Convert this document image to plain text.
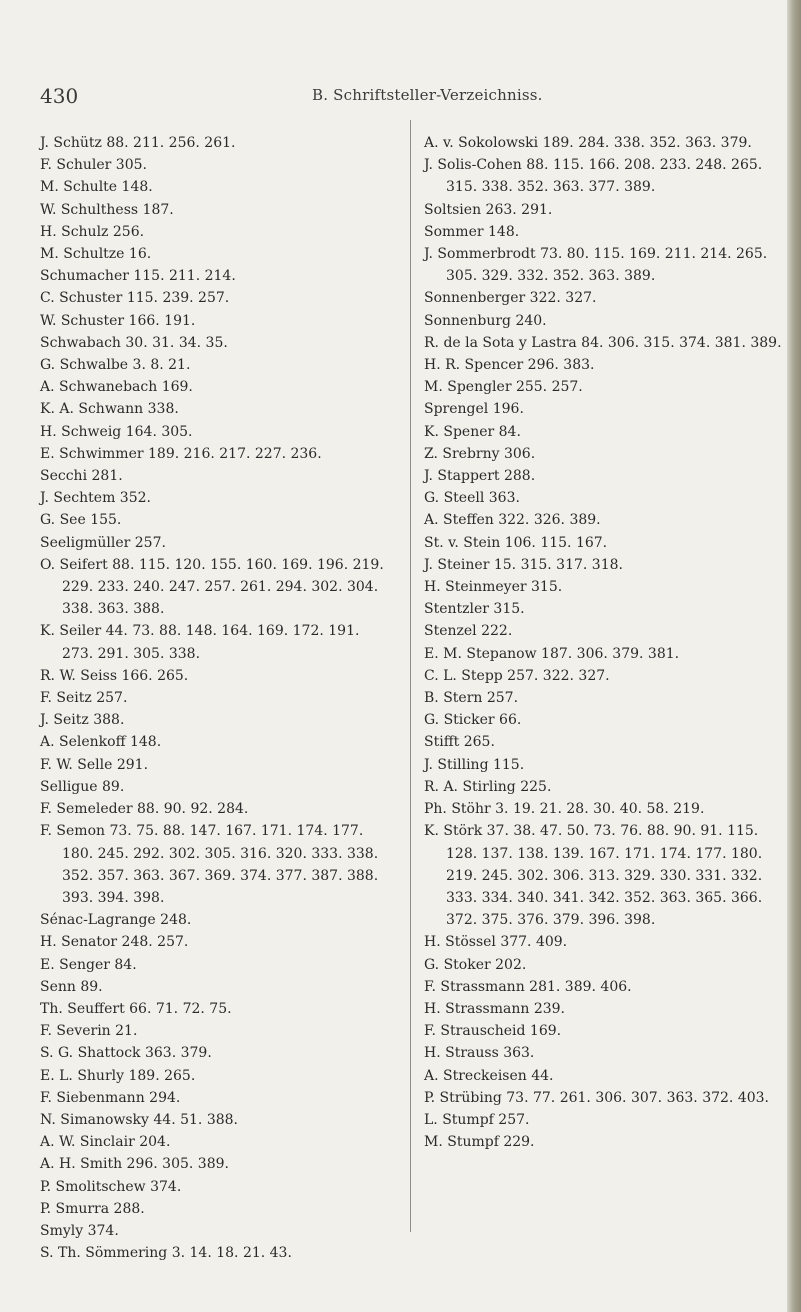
430	B. Schriftsteller-Verzeichniss.
J. Schütz 88. 211. 256. 261.
F. Schuler 305.
M. Schulte 148.
W. Schulthess 187.
H. Schulz 256.
M. Schultze 16.
Schumacher 115. 211. 214.
C. Schuster 115. 239. 257.
W. Schuster 166. 191.
Schwabach 30. 31. 34. 35.
G. Schwalbe 3. 8. 21.
A. Schwanebach 169.
K. A. Schwann 338.
H. Schweig 164. 305.
E. Schwimmer 189. 216. 217. 227. 236.
Secchi 281.
J. Sechtem 352.
G. See 155.
Seeligmüller 257.
O. Seifert 88. 115. 120. 155. 160. 169. 196. 219. 229. 233. 240. 247. 257. 261. 294. 302. 304. 338. 363. 388.
K. Seiler 44. 73. 88. 148. 164. 169. 172. 191. 273. 291. 305. 338.
R. W. Seiss 166. 265.
F. Seitz 257.
J. Seitz 388.
A. Selenkoff 148.
F. W. Selle 291.
Selligue 89.
F. Semeleder 88. 90. 92. 284.
F. Semon 73. 75. 88. 147. 167. 171. 174. 177. 180. 245. 292. 302. 305. 316. 320. 333. 338. 352. 357. 363. 367. 369. 374. 377. 387. 388. 393. 394. 398.
Sénac-Lagrange 248.
H. Senator 248. 257.
E. Senger 84.
Senn 89.
Th. Seuffert 66. 71. 72. 75.
F. Severin 21.
S. G. Shattock 363. 379.
E. L. Shurly 189. 265.
F. Siebenmann 294.
N. Simanowsky 44. 51. 388.
A. W. Sinclair 204.
A. H. Smith 296. 305. 389.
P. Smolitschew 374.
P. Smurra 288.
Smyly 374.
S. Th. Sömmering 3. 14. 18. 21. 43.
A. v. Sokolowski 189. 284. 338. 352. 363. 379.
J. Solis-Cohen 88. 115. 166. 208. 233. 248. 265. 315. 338. 352. 363. 377. 389.
Soltsien 263. 291.
Sommer 148.
J. Sommerbrodt 73. 80. 115. 169. 211. 214. 265. 305. 329. 332. 352. 363. 389.
Sonnenberger 322. 327.
Sonnenburg 240.
R. de la Sota y Lastra 84. 306. 315. 374. 381. 389.
H. R. Spencer 296. 383.
M. Spengler 255. 257.
Sprengel 196.
K. Spener 84.
Z. Srebrny 306.
J. Stappert 288.
G. Steell 363.
A. Steffen 322. 326. 389.
St. v. Stein 106. 115. 167.
J. Steiner 15. 315. 317. 318.
H. Steinmeyer 315.
Stentzler 315.
Stenzel 222.
E. M. Stepanow 187. 306. 379. 381.
C. L. Stepp 257. 322. 327.
B. Stern 257.
G. Sticker 66.
Stifft 265.
J. Stilling 115.
R. A. Stirling 225.
Ph. Stöhr 3. 19. 21. 28. 30. 40. 58. 219.
K. Störk 37. 38. 47. 50. 73. 76. 88. 90. 91. 115. 128. 137. 138. 139. 167. 171. 174. 177. 180. 219. 245. 302. 306. 313. 329. 330. 331. 332. 333. 334. 340. 341. 342. 352. 363. 365. 366. 372. 375. 376. 379. 396. 398.
H. Stössel 377. 409.
G. Stoker 202.
F. Strassmann 281. 389. 406.
H. Strassmann 239.
F. Strauscheid 169.
H. Strauss 363.
A. Streckeisen 44.
P. Strübing 73. 77. 261. 306. 307. 363. 372. 403.
L. Stumpf 257.
M. Stumpf 229.
